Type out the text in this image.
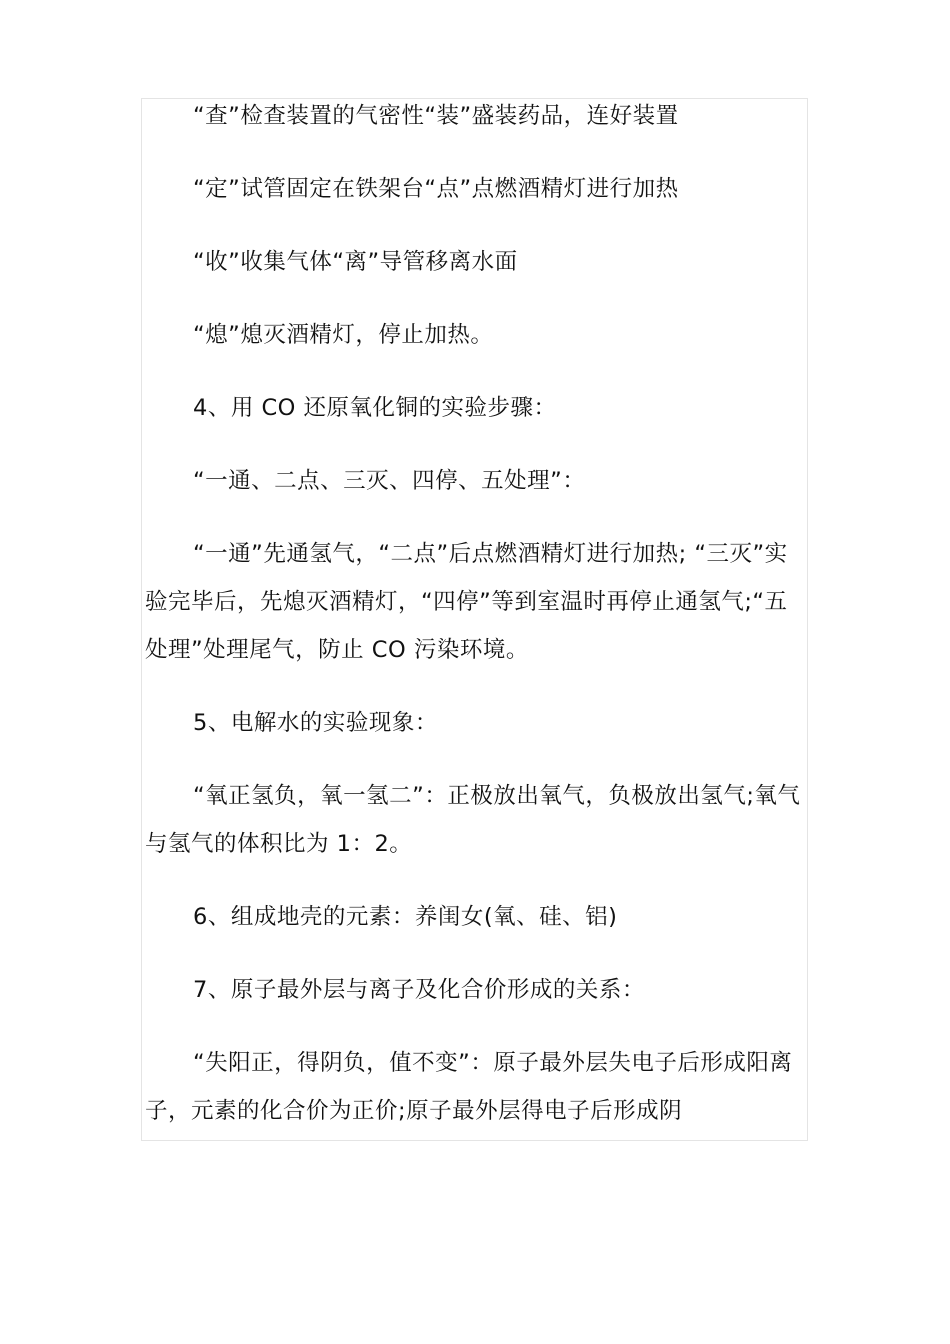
“查”检查装置的气密性“装”盛装药品，连好装置

“定”试管固定在铁架台“点”点燃酒精灯进行加热

“收”收集气体“离”导管移离水面

“熄”熄灭酒精灯，停止加热。

4、用 CO 还原氧化铜的实验步骤：

“一通、二点、三灭、四停、五处理”：

“一通”先通氢气，“二点”后点燃酒精灯进行加热; “三灭”实验完毕后，先熄灭酒精灯，“四停”等到室温时再停止通氢气;“五处理”处理尾气，防止 CO 污染环境。

5、电解水的实验现象：

“氧正氢负，氧一氢二”：正极放出氧气，负极放出氢气;氧气与氢气的体积比为 1：2。

6、组成地壳的元素：养闺女(氧、硅、铝)

7、原子最外层与离子及化合价形成的关系：

“失阳正，得阴负，值不变”：原子最外层失电子后形成阳离子，元素的化合价为正价;原子最外层得电子后形成阴
